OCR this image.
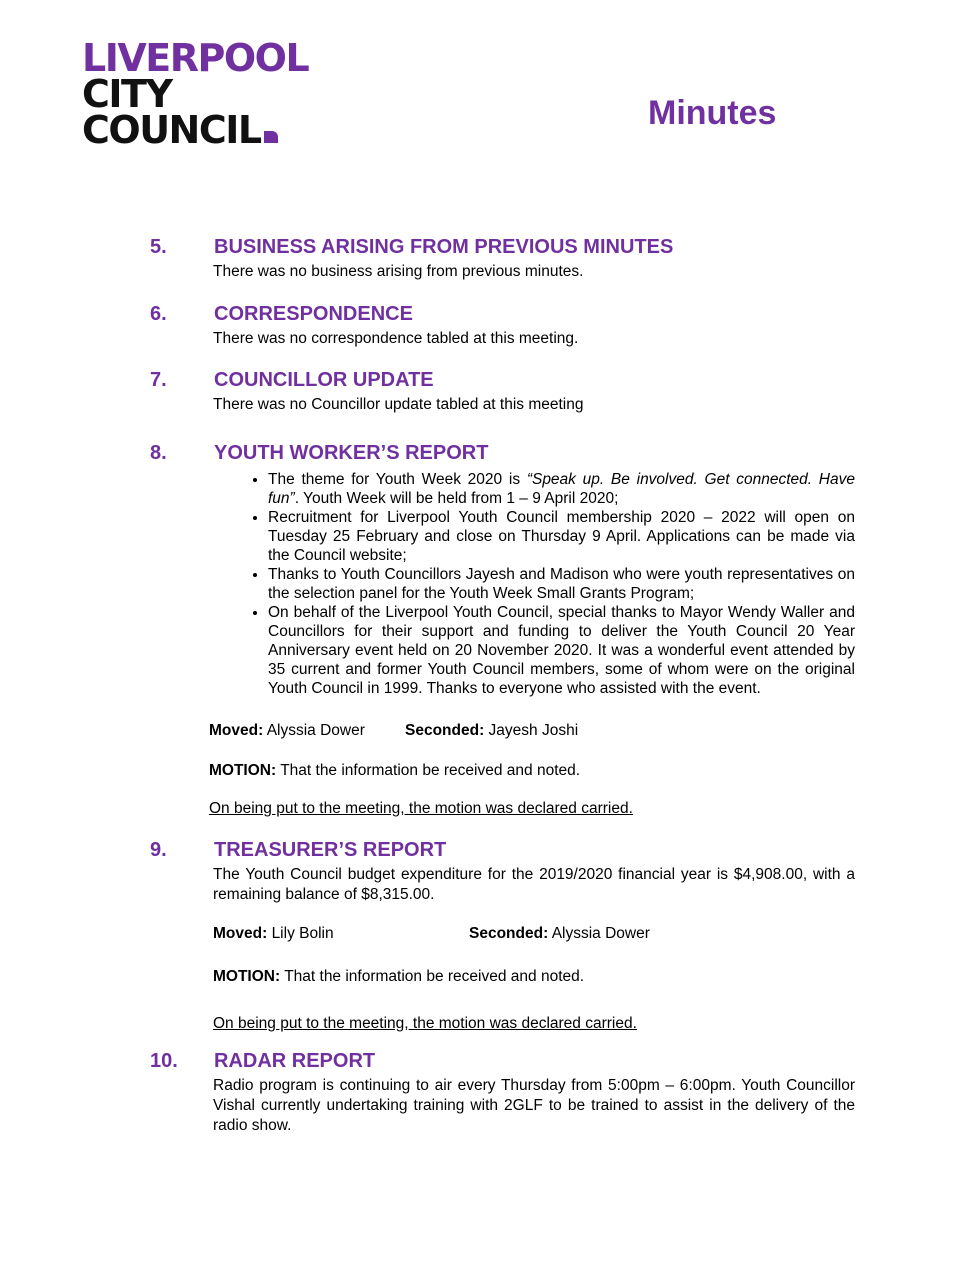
LIVERPOOL
CITY
COUNCIL	Minutes
5.	BUSINESS ARISING FROM PREVIOUS MINUTES

There was no business arising from previous minutes.

6.	CORRESPONDENCE

There was no correspondence tabled at this meeting.

7.	COUNCILLOR UPDATE

There was no Councillor update tabled at this meeting

8.	YOUTH WORKER’S REPORT
• The theme for Youth Week 2020 is “Speak up. Be involved. Get connected. Have fun”. Youth Week will be held from 1 – 9 April 2020;
• Recruitment for Liverpool Youth Council membership 2020 – 2022 will open on Tuesday 25 February and close on Thursday 9 April. Applications can be made via the Council website;
• Thanks to Youth Councillors Jayesh and Madison who were youth representatives on the selection panel for the Youth Week Small Grants Program;
• On behalf of the Liverpool Youth Council, special thanks to Mayor Wendy Waller and Councillors for their support and funding to deliver the Youth Council 20 Year Anniversary event held on 20 November 2020. It was a wonderful event attended by 35 current and former Youth Council members, some of whom were on the original Youth Council in 1999. Thanks to everyone who assisted with the event.
Moved: Alyssia Dower	Seconded: Jayesh Joshi
MOTION: That the information be received and noted.
On being put to the meeting, the motion was declared carried.
9.	TREASURER’S REPORT

The Youth Council budget expenditure for the 2019/2020 financial year is $4,908.00, with a remaining balance of $8,315.00.

Moved: Lily Bolin	Seconded: Alyssia Dower
MOTION: That the information be received and noted.
On being put to the meeting, the motion was declared carried.
10.	RADAR REPORT

Radio program is continuing to air every Thursday from 5:00pm – 6:00pm. Youth Councillor Vishal currently undertaking training with 2GLF to be trained to assist in the delivery of the radio show.
